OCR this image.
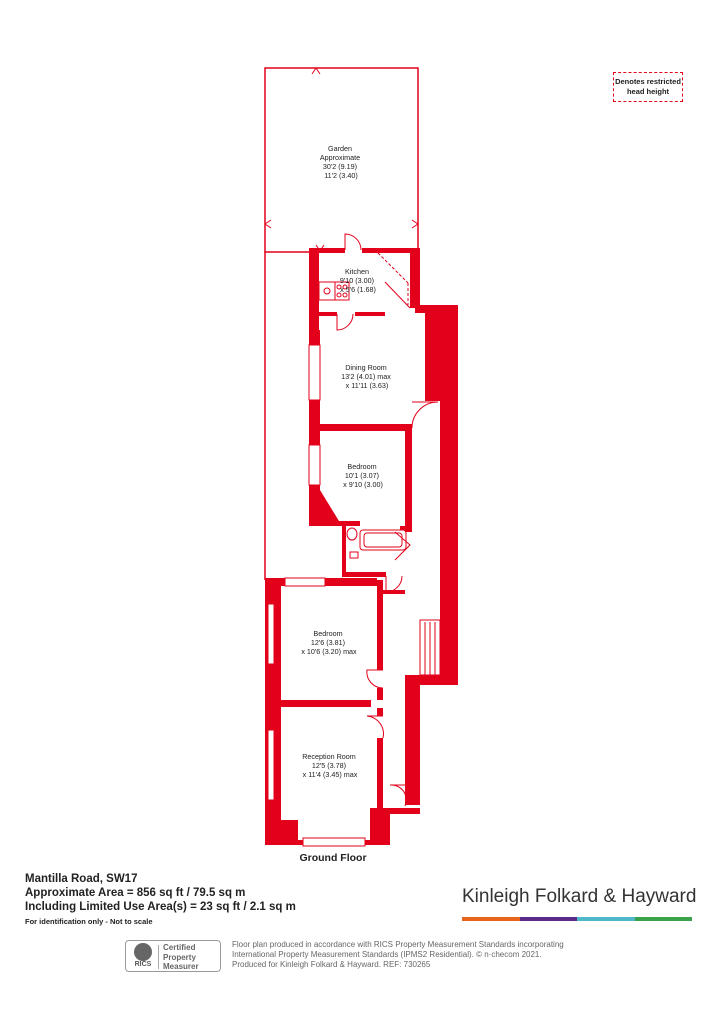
Garden Approximate 30'2 (9.19) 11'2 (3.40)
Kitchen 9'10 (3.00) x 5'6 (1.68)
Dining Room 13'2 (4.01) max x 11'11 (3.63)
Bedroom 10'1 (3.07) x 9'10 (3.00)
Bedroom 12'6 (3.81) x 10'6 (3.20) max
Reception Room 12'5 (3.78) x 11'4 (3.45) max
Denotes restricted
head height
Ground Floor
Mantilla Road, SW17
Approximate Area = 856 sq ft / 79.5 sq m
Including Limited Use Area(s) = 23 sq ft / 2.1 sq m
For identification only - Not to scale
Kinleigh Folkard & Hayward
RICS
Certified
Property
Measurer
Floor plan produced in accordance with RICS Property Measurement Standards incorporating
International Property Measurement Standards (IPMS2 Residential). © n·checom 2021.
Produced for Kinleigh Folkard & Hayward. REF: 730265
